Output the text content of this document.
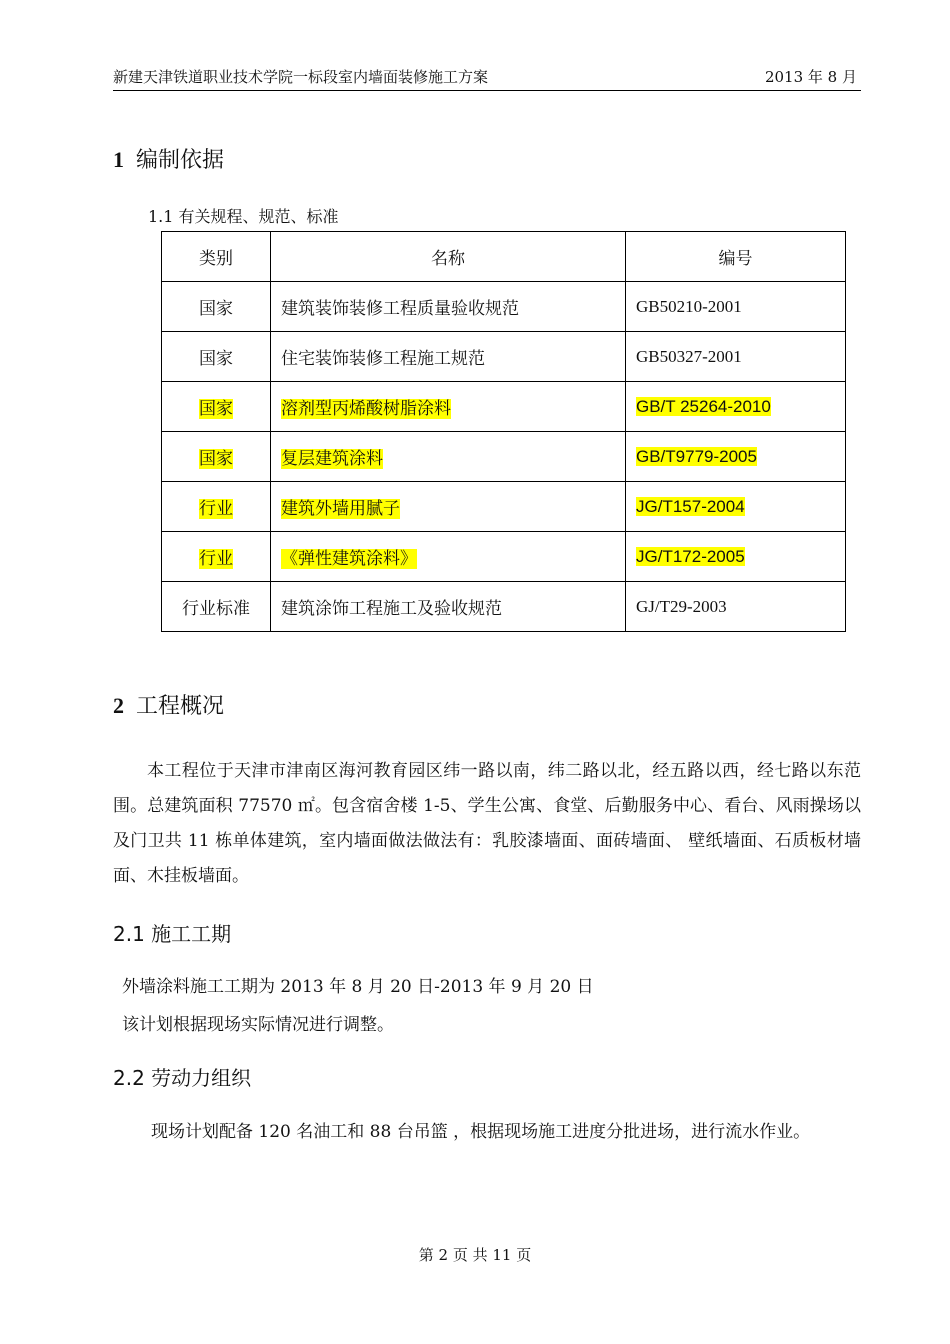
新建天津铁道职业技术学院一标段室内墙面装修施工方案	2013 年 8 月
1 编制依据
1.1 有关规程、规范、标准
类别	名称	编号
国家	建筑装饰装修工程质量验收规范	GB50210-2001
国家	住宅装饰装修工程施工规范	GB50327-2001
国家	溶剂型丙烯酸树脂涂料	GB/T 25264-2010
国家	复层建筑涂料	GB/T9779-2005
行业	建筑外墙用腻子	JG/T157-2004
行业	《弹性建筑涂料》	JG/T172-2005
行业标准	建筑涂饰工程施工及验收规范	GJ/T29-2003
2 工程概况
本工程位于天津市津南区海河教育园区纬一路以南，纬二路以北，经五路以西，经七路以东范围。总建筑面积 77570 ㎡。包含宿舍楼 1-5、学生公寓、食堂、后勤服务中心、看台、风雨操场以及门卫共 11 栋单体建筑，室内墙面做法做法有：乳胶漆墙面、面砖墙面、 壁纸墙面、石质板材墙面、木挂板墙面。
2.1 施工工期
外墙涂料施工工期为 2013 年 8 月 20 日-2013 年 9 月 20 日
该计划根据现场实际情况进行调整。
2.2 劳动力组织
现场计划配备 120 名油工和 88 台吊篮 ，根据现场施工进度分批进场，进行流水作业。
第 2 页 共 11 页
